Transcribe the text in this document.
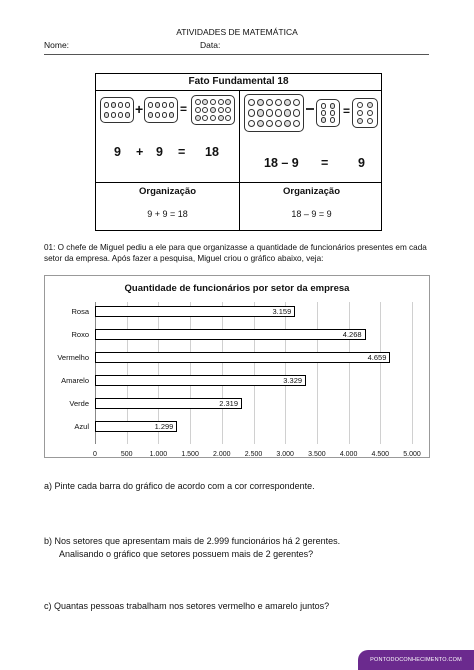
ATIVIDADES DE MATEMÁTICA
Nome:	Data:
Fato Fundamental 18
+	=	=
9 + 9 = 18
18 – 9 = 9
Organização
9 + 9 = 18
Organização
18 – 9 = 9
01: O chefe de Miguel pediu a ele para que organizasse a quantidade de funcionários presentes em cada setor da empresa. Após fazer a pesquisa, Miguel criou o gráfico abaixo, veja:
Quantidade de funcionários por setor da empresa
0	500	1.000	1.500	2.000	2.500	3.000	3.500	4.000	4.500	5.000
Rosa	3.159
Roxo	4.268
Vermelho	4.659
Amarelo	3.329
Verde	2.319
Azul	1.299
a) Pinte cada barra do gráfico de acordo com a cor correspondente.
b) Nos setores que apresentam mais de 2.999 funcionários há 2 gerentes.
Analisando o gráfico que setores possuem mais de 2 gerentes?
c) Quantas pessoas trabalham nos setores vermelho e amarelo juntos?
PONTODOCONHECIMENTO.COM
